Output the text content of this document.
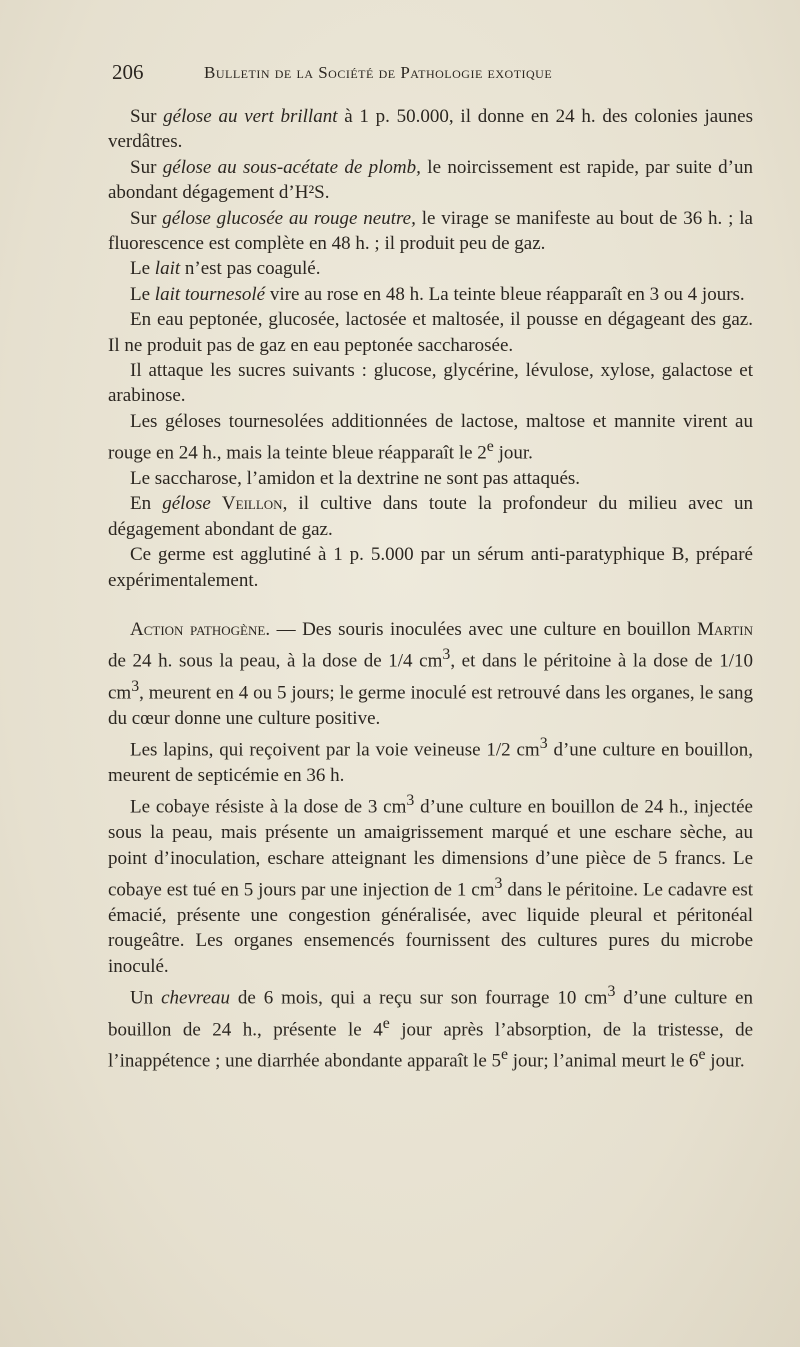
206	Bulletin de la Société de Pathologie exotique

Sur gélose au vert brillant à 1 p. 50.000, il donne en 24 h. des colonies jaunes verdâtres.

Sur gélose au sous-acétate de plomb, le noircissement est rapide, par suite d’un abondant dégagement d’H²S.

Sur gélose glucosée au rouge neutre, le virage se manifeste au bout de 36 h. ; la fluorescence est complète en 48 h. ; il produit peu de gaz.

Le lait n’est pas coagulé.

Le lait tournesolé vire au rose en 48 h. La teinte bleue réapparaît en 3 ou 4 jours.

En eau peptonée, glucosée, lactosée et maltosée, il pousse en dégageant des gaz. Il ne produit pas de gaz en eau peptonée saccharosée.

Il attaque les sucres suivants : glucose, glycérine, lévulose, xylose, galactose et arabinose.

Les géloses tournesolées additionnées de lactose, maltose et mannite virent au rouge en 24 h., mais la teinte bleue réapparaît le 2e jour.

Le saccharose, l’amidon et la dextrine ne sont pas attaqués.

En gélose Veillon, il cultive dans toute la profondeur du milieu avec un dégagement abondant de gaz.

Ce germe est agglutiné à 1 p. 5.000 par un sérum anti-paratyphique B, préparé expérimentalement.

Action pathogène. — Des souris inoculées avec une culture en bouillon Martin de 24 h. sous la peau, à la dose de 1/4 $cm^3$, et dans le péritoine à la dose de 1/10 $cm^3$, meurent en 4 ou 5 jours; le germe inoculé est retrouvé dans les organes, le sang du cœur donne une culture positive.

Les lapins, qui reçoivent par la voie veineuse 1/2 $cm^3$ d’une culture en bouillon, meurent de septicémie en 36 h.

Le cobaye résiste à la dose de 3 $cm^3$ d’une culture en bouillon de 24 h., injectée sous la peau, mais présente un amaigrissement marqué et une eschare sèche, au point d’inoculation, eschare atteignant les dimensions d’une pièce de 5 francs. Le cobaye est tué en 5 jours par une injection de 1 $cm^3$ dans le péritoine. Le cadavre est émacié, présente une congestion généralisée, avec liquide pleural et péritonéal rougeâtre. Les organes ensemencés fournissent des cultures pures du microbe inoculé.

Un chevreau de 6 mois, qui a reçu sur son fourrage 10 $cm^3$ d’une culture en bouillon de 24 h., présente le 4e jour après l’absorption, de la tristesse, de l’inappétence ; une diarrhée abondante apparaît le 5e jour; l’animal meurt le 6e jour.
